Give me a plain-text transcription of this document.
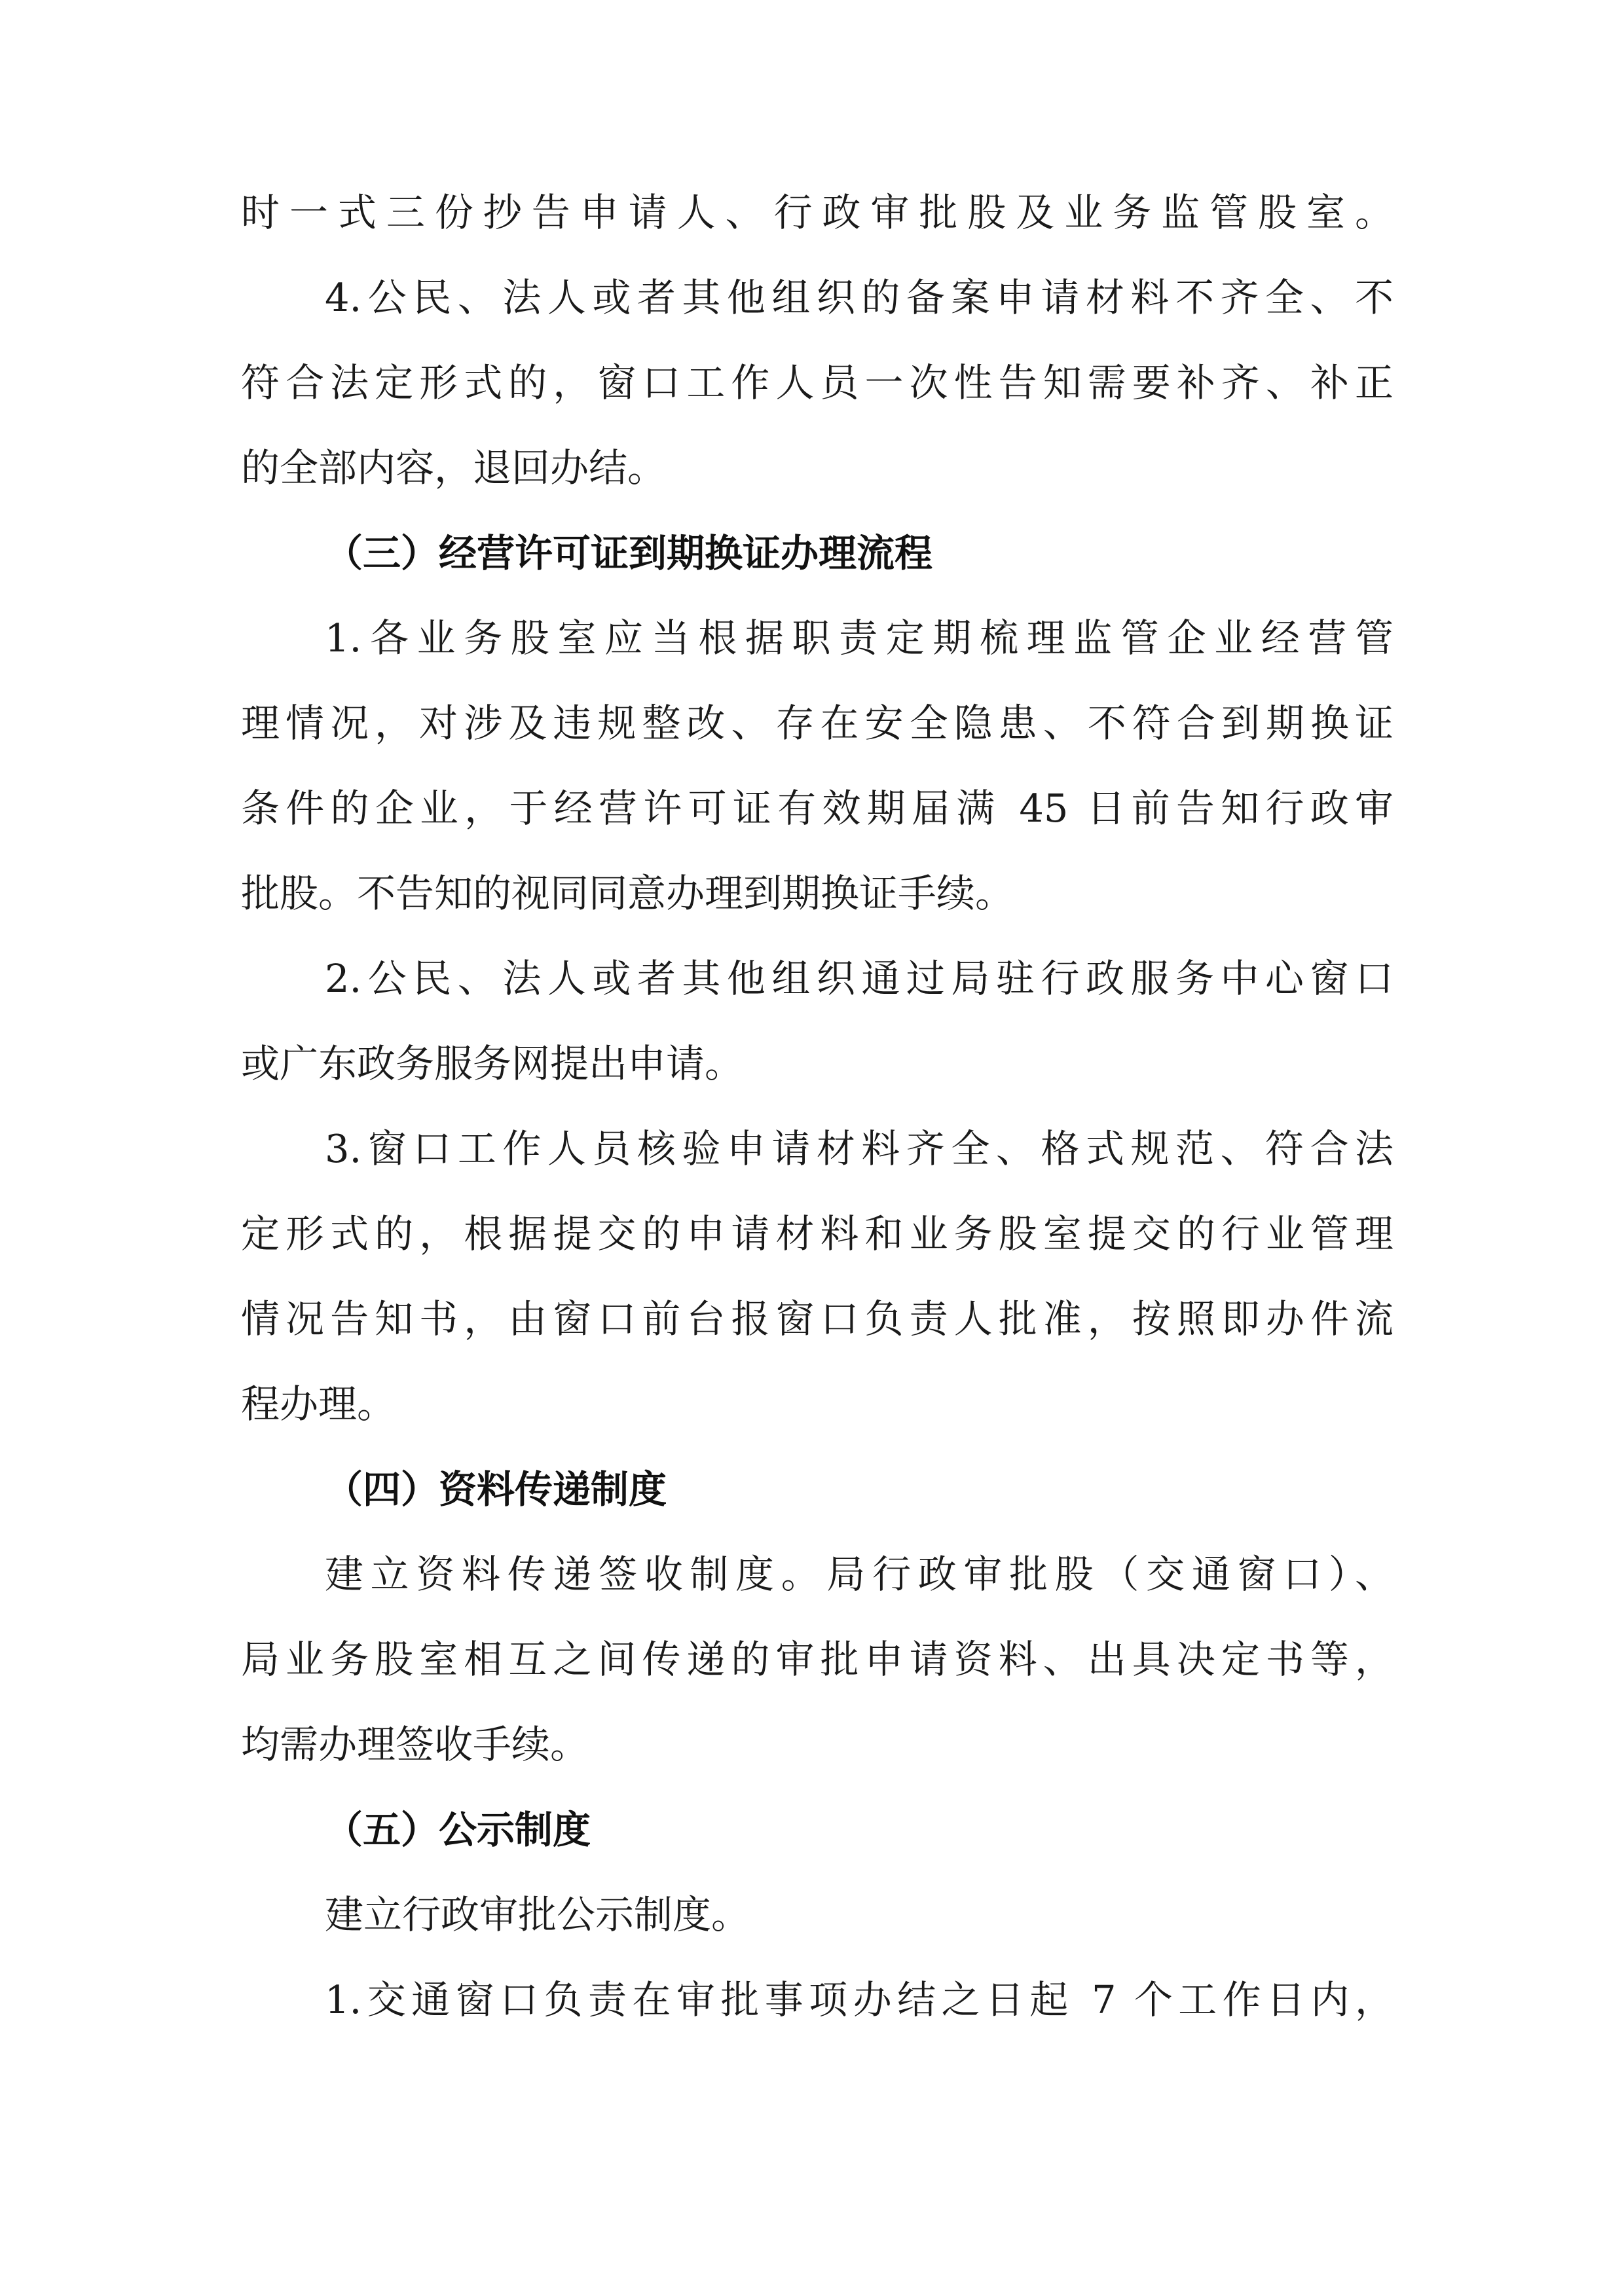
时一式三份抄告申请人、行政审批股及业务监管股室。

4.公民、法人或者其他组织的备案申请材料不齐全、不

符合法定形式的，窗口工作人员一次性告知需要补齐、补正

的全部内容，退回办结。

（三）经营许可证到期换证办理流程

1.各业务股室应当根据职责定期梳理监管企业经营管

理情况，对涉及违规整改、存在安全隐患、不符合到期换证

条件的企业，于经营许可证有效期届满 45 日前告知行政审

批股。不告知的视同同意办理到期换证手续。

2.公民、法人或者其他组织通过局驻行政服务中心窗口

或广东政务服务网提出申请。

3.窗口工作人员核验申请材料齐全、格式规范、符合法

定形式的，根据提交的申请材料和业务股室提交的行业管理

情况告知书，由窗口前台报窗口负责人批准，按照即办件流

程办理。

（四）资料传递制度

建立资料传递签收制度。局行政审批股（交通窗口）、

局业务股室相互之间传递的审批申请资料、出具决定书等，

均需办理签收手续。

（五）公示制度

建立行政审批公示制度。

1.交通窗口负责在审批事项办结之日起 7 个工作日内，
